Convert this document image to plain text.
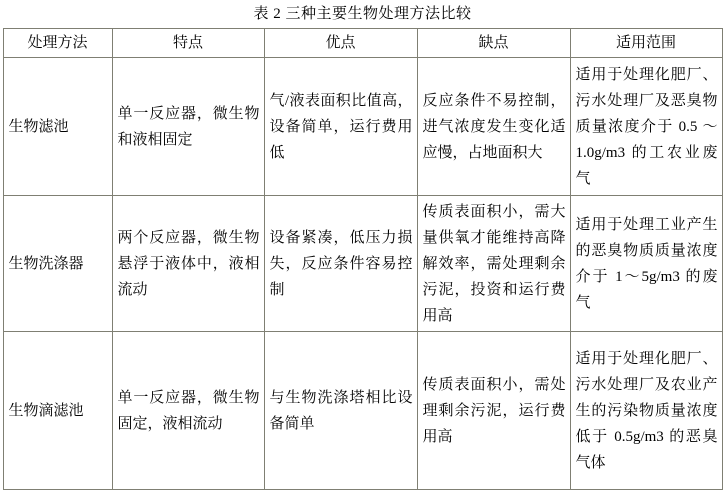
表 2 三种主要生物处理方法比较
处理方法	特点	优点	缺点	适用范围
生物滤池	单一反应器，微生物和液相固定	气/液表面积比值高，设备简单，运行费用低	反应条件不易控制，进气浓度发生变化适应慢，占地面积大	适用于处理化肥厂、污水处理厂及恶臭物质量浓度介于 0.5 ～ 1.0g/m3 的工农业废气
生物洗涤器	两个反应器，微生物悬浮于液体中，液相流动	设备紧凑，低压力损失，反应条件容易控制	传质表面积小，需大量供氧才能维持高降解效率，需处理剩余污泥，投资和运行费用高	适用于处理工业产生的恶臭物质质量浓度介于 1～5g/m3 的废气
生物滴滤池	单一反应器，微生物固定，液相流动	与生物洗涤塔相比设备简单	传质表面积小，需处理剩余污泥，运行费用高	适用于处理化肥厂、污水处理厂及农业产生的污染物质量浓度低于 0.5g/m3 的恶臭气体
